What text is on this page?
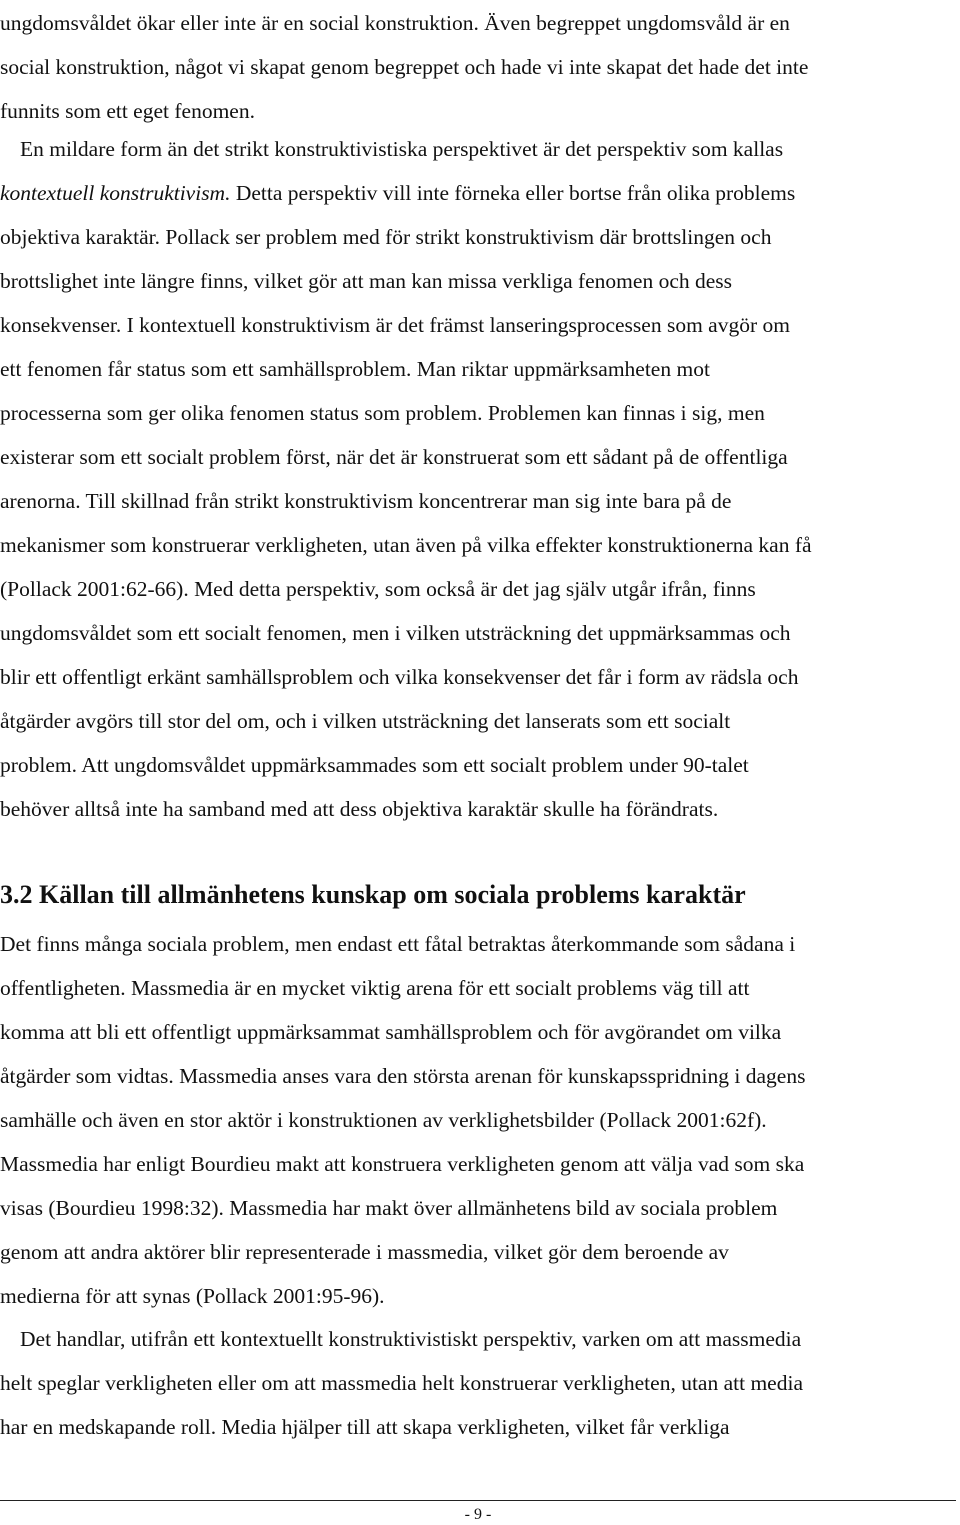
ungdomsvåldet ökar eller inte är en social konstruktion. Även begreppet ungdomsvåld är en
social konstruktion, något vi skapat genom begreppet och hade vi inte skapat det hade det inte
funnits som ett eget fenomen.
En mildare form än det strikt konstruktivistiska perspektivet är det perspektiv som kallas
kontextuell konstruktivism. Detta perspektiv vill inte förneka eller bortse från olika problems
objektiva karaktär. Pollack ser problem med för strikt konstruktivism där brottslingen och
brottslighet inte längre finns, vilket gör att man kan missa verkliga fenomen och dess
konsekvenser. I kontextuell konstruktivism är det främst lanseringsprocessen som avgör om
ett fenomen får status som ett samhällsproblem. Man riktar uppmärksamheten mot
processerna som ger olika fenomen status som problem. Problemen kan finnas i sig, men
existerar som ett socialt problem först, när det är konstruerat som ett sådant på de offentliga
arenorna. Till skillnad från strikt konstruktivism koncentrerar man sig inte bara på de
mekanismer som konstruerar verkligheten, utan även på vilka effekter konstruktionerna kan få
(Pollack 2001:62-66). Med detta perspektiv, som också är det jag själv utgår ifrån, finns
ungdomsvåldet som ett socialt fenomen, men i vilken utsträckning det uppmärksammas och
blir ett offentligt erkänt samhällsproblem och vilka konsekvenser det får i form av rädsla och
åtgärder avgörs till stor del om, och i vilken utsträckning det lanserats som ett socialt
problem. Att ungdomsvåldet uppmärksammades som ett socialt problem under 90-talet
behöver alltså inte ha samband med att dess objektiva karaktär skulle ha förändrats.
3.2 Källan till allmänhetens kunskap om sociala problems karaktär
Det finns många sociala problem, men endast ett fåtal betraktas återkommande som sådana i
offentligheten. Massmedia är en mycket viktig arena för ett socialt problems väg till att
komma att bli ett offentligt uppmärksammat samhällsproblem och för avgörandet om vilka
åtgärder som vidtas. Massmedia anses vara den största arenan för kunskapsspridning i dagens
samhälle och även en stor aktör i konstruktionen av verklighetsbilder (Pollack 2001:62f).
Massmedia har enligt Bourdieu makt att konstruera verkligheten genom att välja vad som ska
visas (Bourdieu 1998:32). Massmedia har makt över allmänhetens bild av sociala problem
genom att andra aktörer blir representerade i massmedia, vilket gör dem beroende av
medierna för att synas (Pollack 2001:95-96).
Det handlar, utifrån ett kontextuellt konstruktivistiskt perspektiv, varken om att massmedia
helt speglar verkligheten eller om att massmedia helt konstruerar verkligheten, utan att media
har en medskapande roll. Media hjälper till att skapa verkligheten, vilket får verkliga
- 9 -
